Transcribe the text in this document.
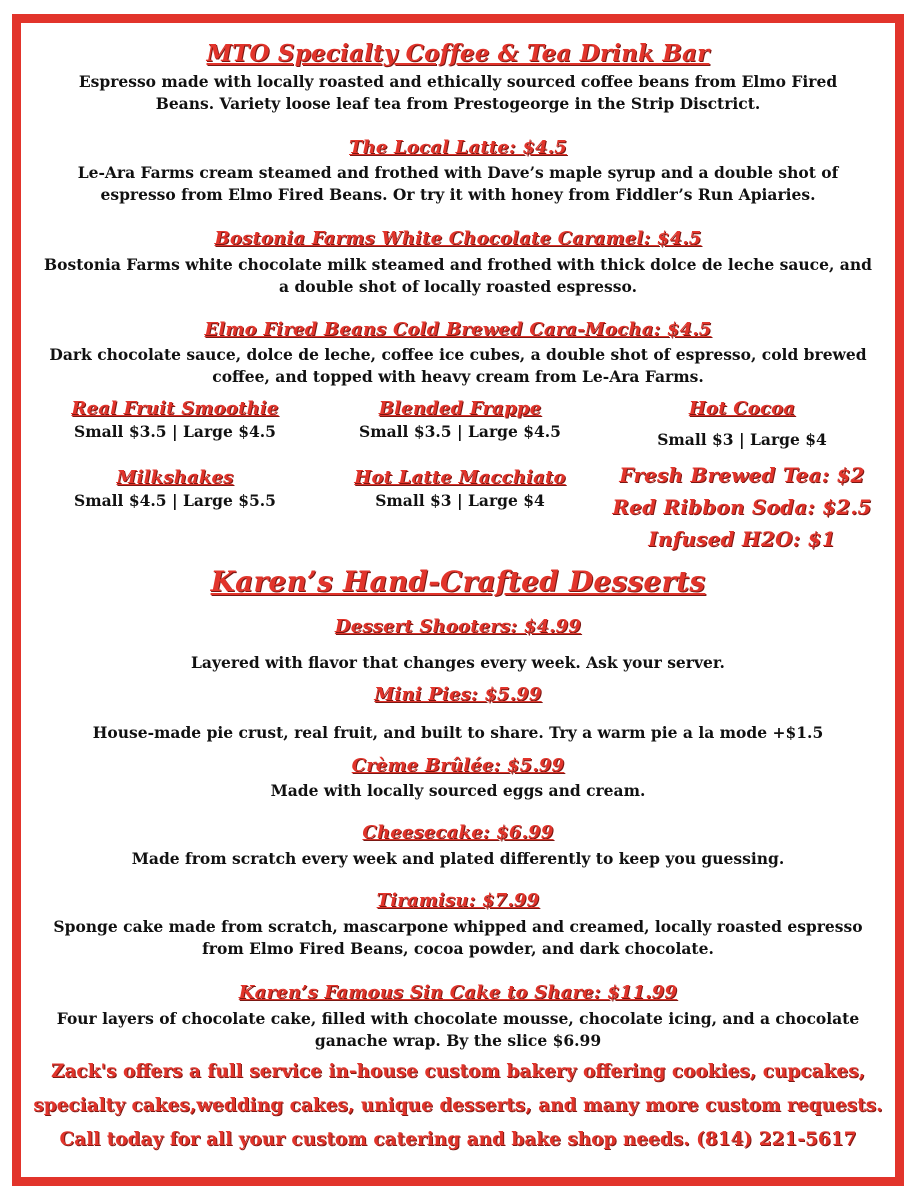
MTO Specialty Coffee & Tea Drink Bar
Espresso made with locally roasted and ethically sourced coffee beans from Elmo Fired Beans. Variety loose leaf tea from Prestogeorge in the Strip Disctrict.
The Local Latte: $4.5
Le-Ara Farms cream steamed and frothed with Dave’s maple syrup and a double shot of espresso from Elmo Fired Beans. Or try it with honey from Fiddler’s Run Apiaries.
Bostonia Farms White Chocolate Caramel: $4.5
Bostonia Farms white chocolate milk steamed and frothed with thick dolce de leche sauce, and a double shot of locally roasted espresso.
Elmo Fired Beans Cold Brewed Cara-Mocha: $4.5
Dark chocolate sauce, dolce de leche, coffee ice cubes, a double shot of espresso, cold brewed coffee, and topped with heavy cream from Le-Ara Farms.
Real Fruit Smoothie
Small $3.5 | Large $4.5
Blended Frappe
Small $3.5 | Large $4.5
Hot Cocoa
Small $3 | Large $4
Milkshakes
Small $4.5 | Large $5.5
Hot Latte Macchiato
Small $3 | Large $4
Fresh Brewed Tea: $2
Red Ribbon Soda: $2.5
Infused H2O: $1
Karen’s Hand-Crafted Desserts
Dessert Shooters: $4.99
Layered with flavor that changes every week. Ask your server.
Mini Pies: $5.99
House-made pie crust, real fruit, and built to share. Try a warm pie a la mode +$1.5
Crème Brûlée: $5.99
Made with locally sourced eggs and cream.
Cheesecake: $6.99
Made from scratch every week and plated differently to keep you guessing.
Tiramisu: $7.99
Sponge cake made from scratch, mascarpone whipped and creamed, locally roasted espresso from Elmo Fired Beans, cocoa powder, and dark chocolate.
Karen’s Famous Sin Cake to Share: $11.99
Four layers of chocolate cake, filled with chocolate mousse, chocolate icing, and a chocolate ganache wrap. By the slice $6.99
Zack's offers a full service in-house custom bakery offering cookies, cupcakes,
specialty cakes,wedding cakes, unique desserts, and many more custom requests.
Call today for all your custom catering and bake shop needs. (814) 221-5617
